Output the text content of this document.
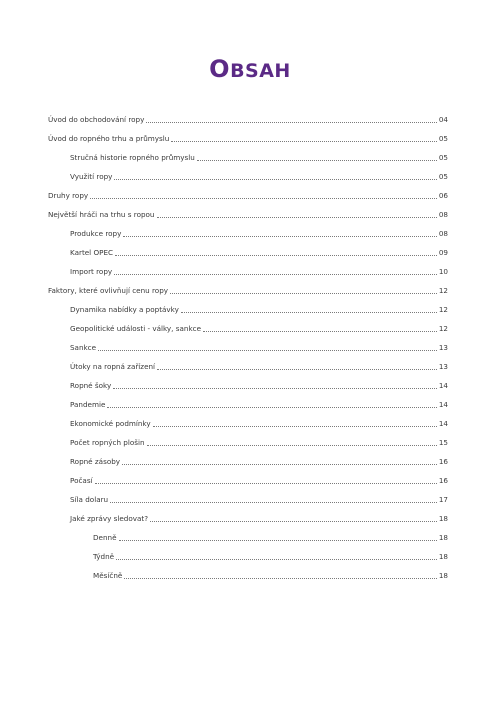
OBSAH
Úvod do obchodování ropy	04
Úvod do ropného trhu a průmyslu	05
Stručná historie ropného průmyslu	05
Využití ropy	05
Druhy ropy	06
Největší hráči na trhu s ropou	08
Produkce ropy	08
Kartel OPEC	09
Import ropy	10
Faktory, které ovlivňují cenu ropy	12
Dynamika nabídky a poptávky	12
Geopolitické události - války, sankce	12
Sankce	13
Útoky na ropná zařízení	13
Ropné šoky	14
Pandemie	14
Ekonomické podmínky	14
Počet ropných plošin	15
Ropné zásoby	16
Počasí	16
Síla dolaru	17
Jaké zprávy sledovat?	18
Denně	18
Týdně	18
Měsíčně	18
